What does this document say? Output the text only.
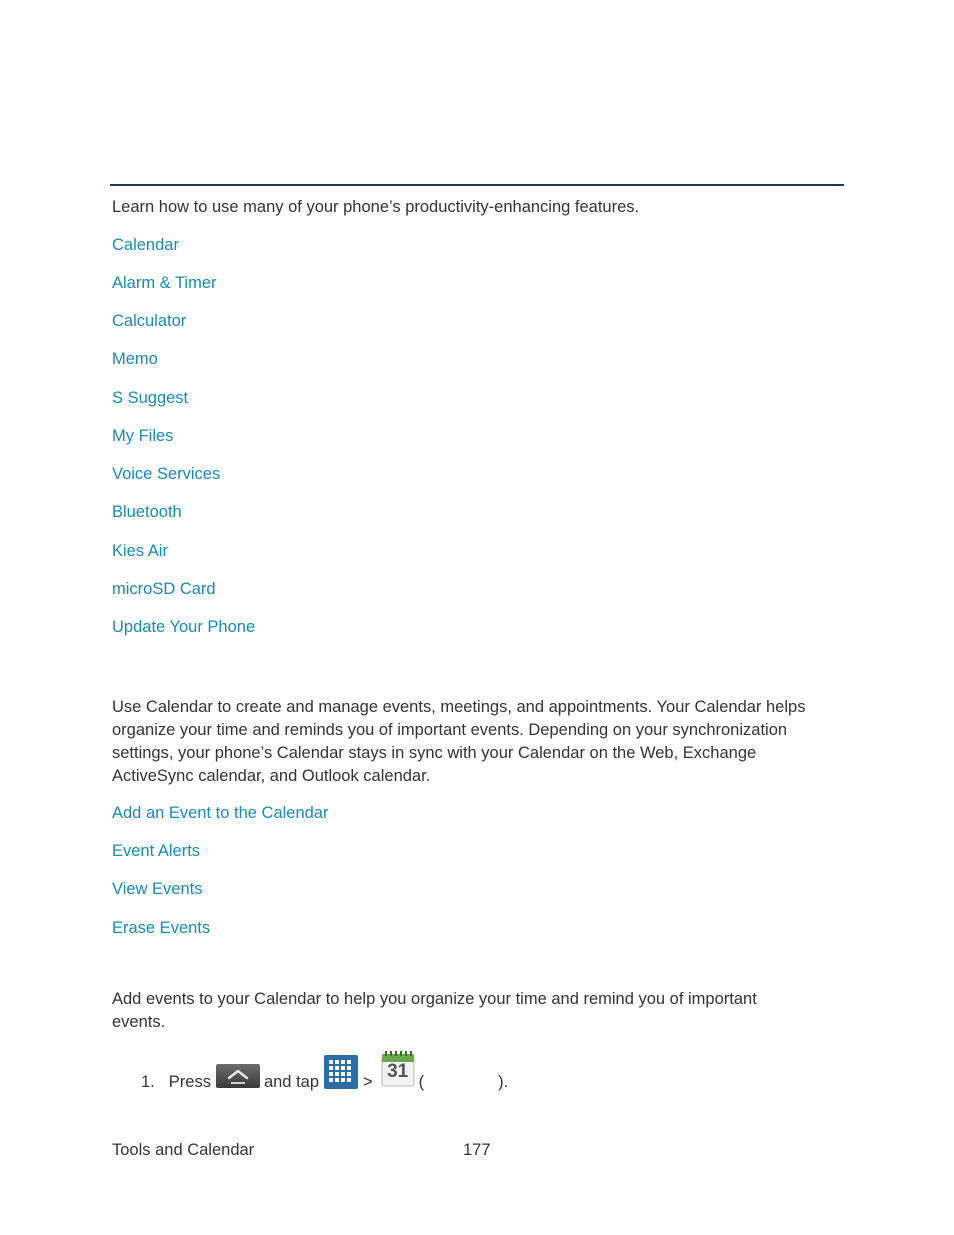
Learn how to use many of your phone’s productivity-enhancing features.

Calendar
Alarm & Timer
Calculator
Memo
S Suggest
My Files
Voice Services
Bluetooth
Kies Air
microSD Card
Update Your Phone

Use Calendar to create and manage events, meetings, and appointments. Your Calendar helps

organize your time and reminds you of important events. Depending on your synchronization

settings, your phone’s Calendar stays in sync with your Calendar on the Web, Exchange

ActiveSync calendar, and Outlook calendar.

Add an Event to the Calendar
Event Alerts
View Events
Erase Events

Add events to your Calendar to help you organize your time and remind you of important

events.

1. Press	and tap	> 31 (	).
Tools and Calendar	177
